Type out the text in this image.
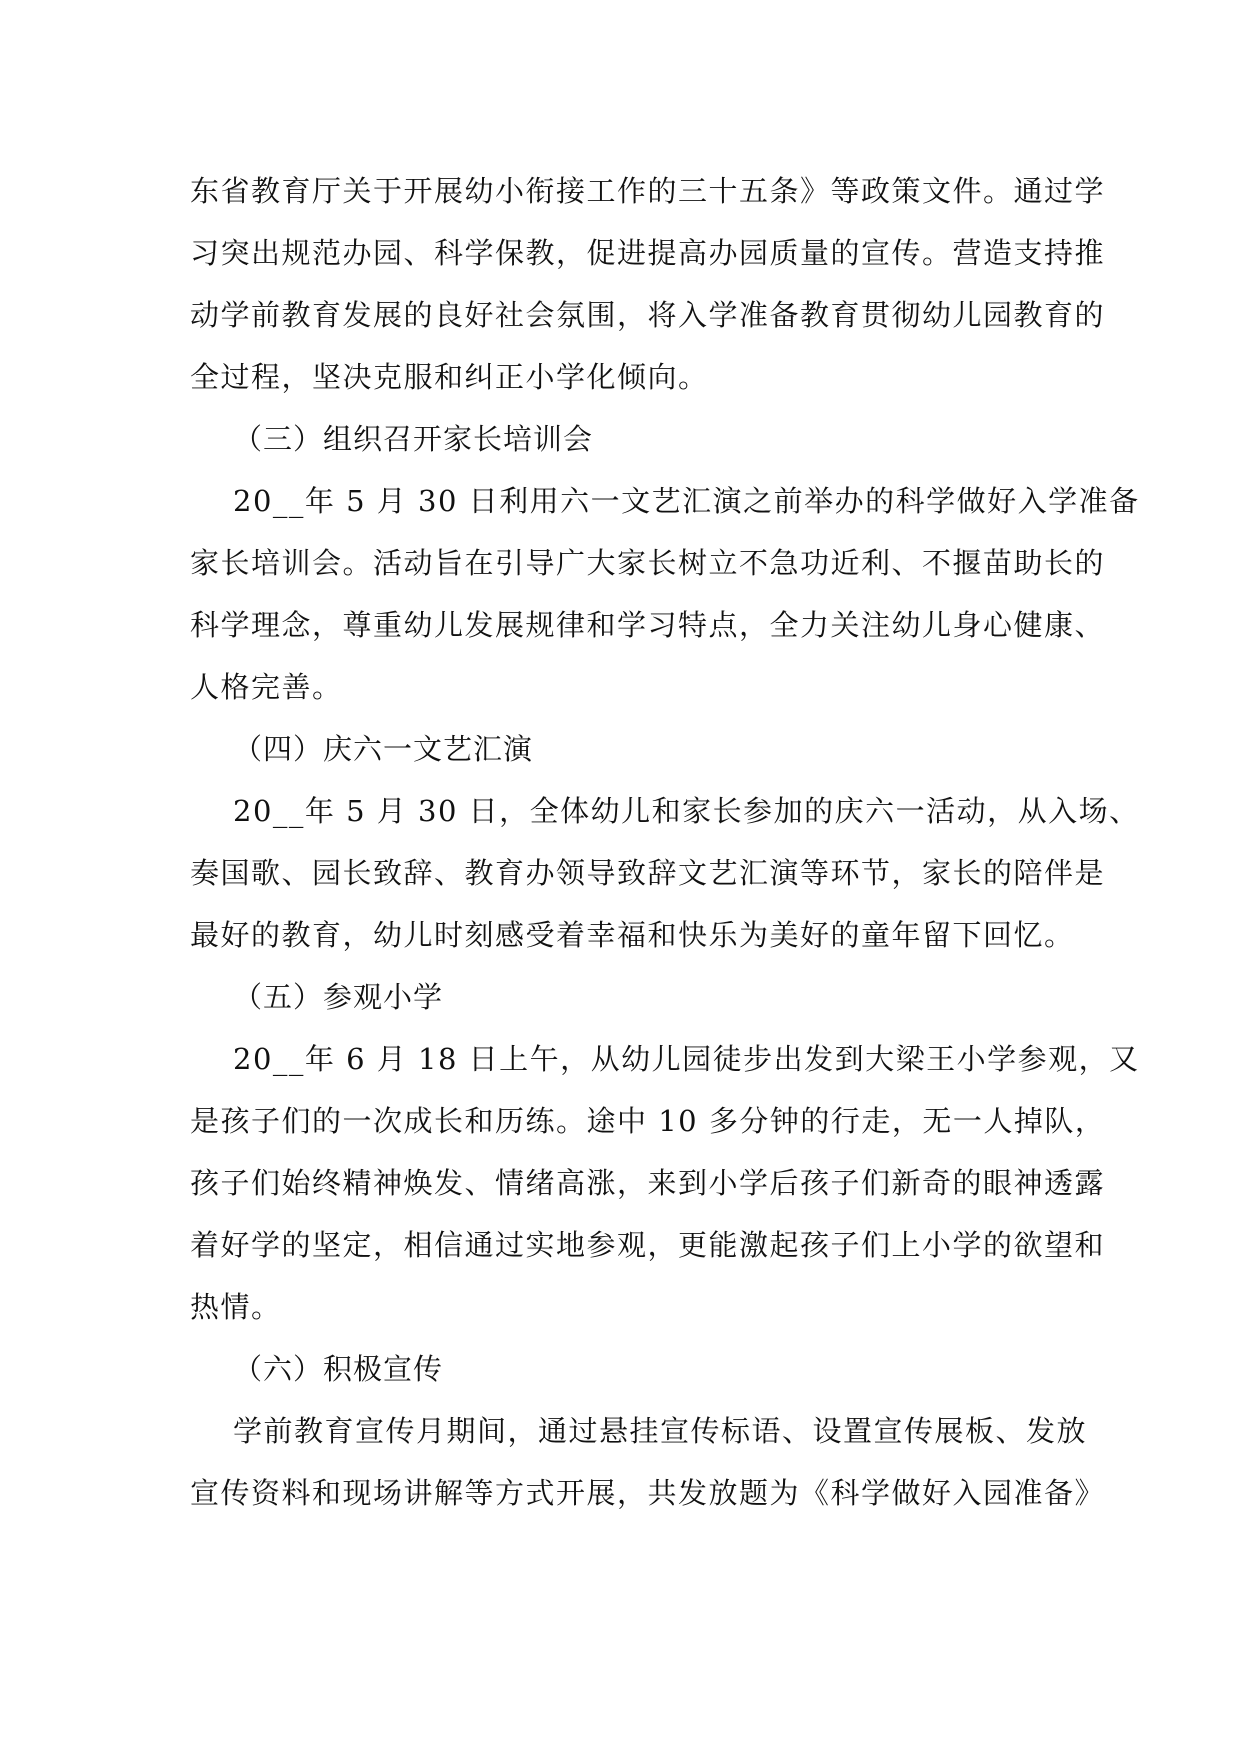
东省教育厅关于开展幼小衔接工作的三十五条》等政策文件。通过学
习突出规范办园、科学保教，促进提高办园质量的宣传。营造支持推
动学前教育发展的良好社会氛围，将入学准备教育贯彻幼儿园教育的
全过程，坚决克服和纠正小学化倾向。
（三）组织召开家长培训会
20__年 5 月 30 日利用六一文艺汇演之前举办的科学做好入学准备
家长培训会。活动旨在引导广大家长树立不急功近利、不揠苗助长的
科学理念，尊重幼儿发展规律和学习特点，全力关注幼儿身心健康、
人格完善。
（四）庆六一文艺汇演
20__年 5 月 30 日，全体幼儿和家长参加的庆六一活动，从入场、
奏国歌、园长致辞、教育办领导致辞文艺汇演等环节，家长的陪伴是
最好的教育，幼儿时刻感受着幸福和快乐为美好的童年留下回忆。
（五）参观小学
20__年 6 月 18 日上午，从幼儿园徒步出发到大梁王小学参观，又
是孩子们的一次成长和历练。途中 10 多分钟的行走，无一人掉队，
孩子们始终精神焕发、情绪高涨，来到小学后孩子们新奇的眼神透露
着好学的坚定，相信通过实地参观，更能激起孩子们上小学的欲望和
热情。
（六）积极宣传
学前教育宣传月期间，通过悬挂宣传标语、设置宣传展板、发放
宣传资料和现场讲解等方式开展，共发放题为《科学做好入园准备》
